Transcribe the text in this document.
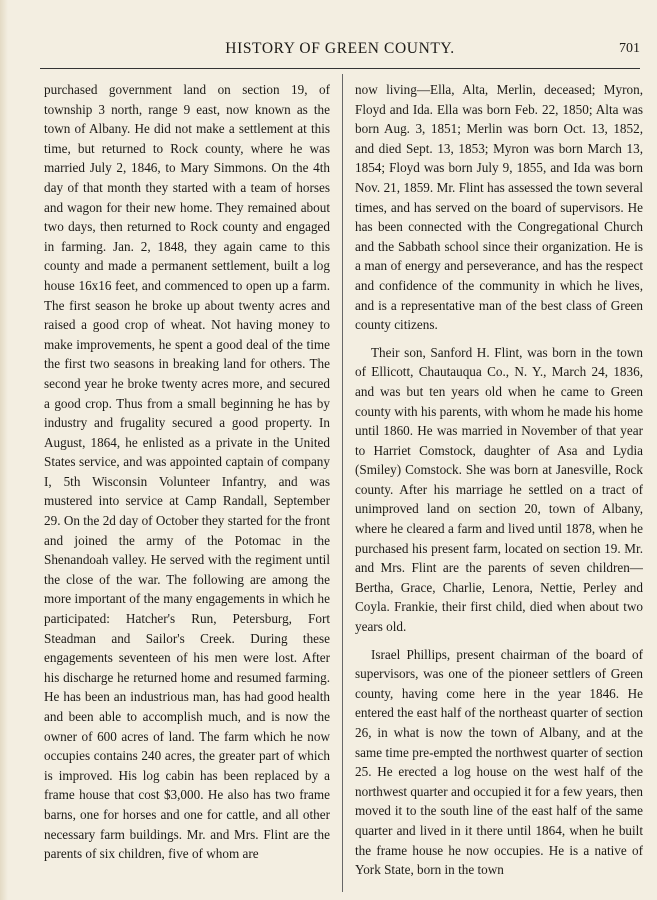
HISTORY OF GREEN COUNTY.	701

purchased government land on section 19, of township 3 north, range 9 east, now known as the town of Albany. He did not make a settlement at this time, but returned to Rock county, where he was married July 2, 1846, to Mary Simmons. On the 4th day of that month they started with a team of horses and wagon for their new home. They remained about two days, then returned to Rock county and engaged in farming. Jan. 2, 1848, they again came to this county and made a permanent settlement, built a log house 16x16 feet, and commenced to open up a farm. The first season he broke up about twenty acres and raised a good crop of wheat. Not having money to make improvements, he spent a good deal of the time the first two seasons in breaking land for others. The second year he broke twenty acres more, and secured a good crop. Thus from a small beginning he has by industry and frugality secured a good property. In August, 1864, he enlisted as a private in the United States service, and was appointed captain of company I, 5th Wisconsin Volunteer Infantry, and was mustered into service at Camp Randall, September 29. On the 2d day of October they started for the front and joined the army of the Potomac in the Shenandoah valley. He served with the regiment until the close of the war. The following are among the more important of the many engagements in which he participated: Hatcher's Run, Petersburg, Fort Steadman and Sailor's Creek. During these engagements seventeen of his men were lost. After his discharge he returned home and resumed farming. He has been an industrious man, has had good health and been able to accomplish much, and is now the owner of 600 acres of land. The farm which he now occupies contains 240 acres, the greater part of which is improved. His log cabin has been replaced by a frame house that cost $3,000. He also has two frame barns, one for horses and one for cattle, and all other necessary farm buildings. Mr. and Mrs. Flint are the parents of six children, five of whom are

now living—Ella, Alta, Merlin, deceased; Myron, Floyd and Ida. Ella was born Feb. 22, 1850; Alta was born Aug. 3, 1851; Merlin was born Oct. 13, 1852, and died Sept. 13, 1853; Myron was born March 13, 1854; Floyd was born July 9, 1855, and Ida was born Nov. 21, 1859. Mr. Flint has assessed the town several times, and has served on the board of supervisors. He has been connected with the Congregational Church and the Sabbath school since their organization. He is a man of energy and perseverance, and has the respect and confidence of the community in which he lives, and is a representative man of the best class of Green county citizens.

Their son, Sanford H. Flint, was born in the town of Ellicott, Chautauqua Co., N. Y., March 24, 1836, and was but ten years old when he came to Green county with his parents, with whom he made his home until 1860. He was married in November of that year to Harriet Comstock, daughter of Asa and Lydia (Smiley) Comstock. She was born at Janesville, Rock county. After his marriage he settled on a tract of unimproved land on section 20, town of Albany, where he cleared a farm and lived until 1878, when he purchased his present farm, located on section 19. Mr. and Mrs. Flint are the parents of seven children—Bertha, Grace, Charlie, Lenora, Nettie, Perley and Coyla. Frankie, their first child, died when about two years old.

Israel Phillips, present chairman of the board of supervisors, was one of the pioneer settlers of Green county, having come here in the year 1846. He entered the east half of the northeast quarter of section 26, in what is now the town of Albany, and at the same time pre-empted the northwest quarter of section 25. He erected a log house on the west half of the northwest quarter and occupied it for a few years, then moved it to the south line of the east half of the same quarter and lived in it there until 1864, when he built the frame house he now occupies. He is a native of York State, born in the town
